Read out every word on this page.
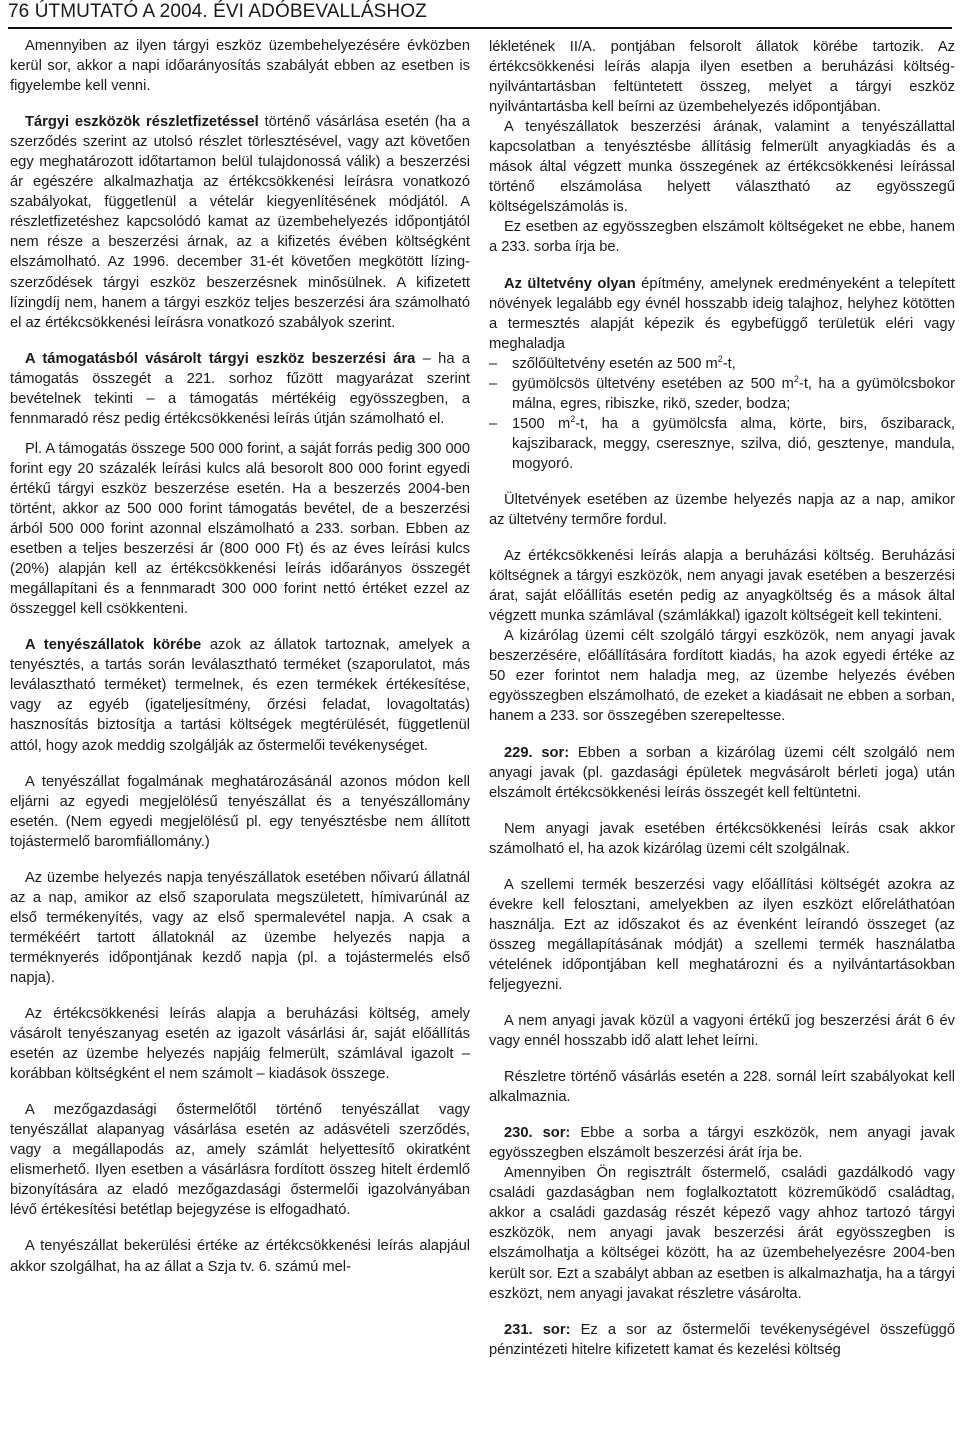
76 ÚTMUTATÓ A 2004. ÉVI ADÓBEVALLÁSHOZ

Amennyiben az ilyen tárgyi eszköz üzembehelyezésére évközben kerül sor, akkor a napi időarányosítás szabályát ebben az esetben is figyelembe kell venni.

Tárgyi eszközök részletfizetéssel történő vásárlása esetén (ha a szerződés szerint az utolsó részlet törlesztésével, vagy azt követően egy meghatározott időtartamon belül tulajdonossá válik) a beszerzési ár egészére alkalmazhatja az értékcsökkenési leírásra vonatkozó szabályokat, függetlenül a vételár kiegyenlítésének módjától. A részletfizetéshez kapcsolódó kamat az üzembehelyezés időpontjától nem része a beszerzési árnak, az a kifizetés évében költségként elszámolható. Az 1996. december 31-ét követően megkötött lízing-szerződések tárgyi eszköz beszerzésnek minősülnek. A kifizetett lízingdíj nem, hanem a tárgyi eszköz teljes beszerzési ára számolható el az értékcsökkenési leírásra vonatkozó szabályok szerint.

A támogatásból vásárolt tárgyi eszköz beszerzési ára – ha a támogatás összegét a 221. sorhoz fűzött magyarázat szerint bevételnek tekinti – a támogatás mértékéig egyösszegben, a fennmaradó rész pedig értékcsökkenési leírás útján számolható el.

Pl. A támogatás összege 500 000 forint, a saját forrás pedig 300 000 forint egy 20 százalék leírási kulcs alá besorolt 800 000 forint egyedi értékű tárgyi eszköz beszerzése esetén. Ha a beszerzés 2004-ben történt, akkor az 500 000 forint támogatás bevétel, de a beszerzési árból 500 000 forint azonnal elszámolható a 233. sorban. Ebben az esetben a teljes beszerzési ár (800 000 Ft) és az éves leírási kulcs (20%) alapján kell az értékcsökkenési leírás időarányos összegét megállapítani és a fennmaradt 300 000 forint nettó értéket ezzel az összeggel kell csökkenteni.

A tenyészállatok körébe azok az állatok tartoznak, amelyek a tenyésztés, a tartás során leválasztható terméket (szaporulatot, más leválasztható terméket) termelnek, és ezen termékek értékesítése, vagy az egyéb (igateljesítmény, őrzési feladat, lovagoltatás) hasznosítás biztosítja a tartási költségek megtérülését, függetlenül attól, hogy azok meddig szolgálják az őstermelői tevékenységet.

A tenyészállat fogalmának meghatározásánál azonos módon kell eljárni az egyedi megjelölésű tenyészállat és a tenyészállomány esetén. (Nem egyedi megjelölésű pl. egy tenyésztésbe nem állított tojástermelő baromfiállomány.)

Az üzembe helyezés napja tenyészállatok esetében nőivarú állatnál az a nap, amikor az első szaporulata megszületett, hímivarúnál az első termékenyítés, vagy az első spermalevétel napja. A csak a termékéért tartott állatoknál az üzembe helyezés napja a terméknyerés időpontjának kezdő napja (pl. a tojástermelés első napja).

Az értékcsökkenési leírás alapja a beruházási költség, amely vásárolt tenyészanyag esetén az igazolt vásárlási ár, saját előállítás esetén az üzembe helyezés napjáig felmerült, számlával igazolt – korábban költségként el nem számolt – kiadások összege.

A mezőgazdasági őstermelőtől történő tenyészállat vagy tenyészállat alapanyag vásárlása esetén az adásvételi szerződés, vagy a megállapodás az, amely számlát helyettesítő okiratként elismerhető. Ilyen esetben a vásárlásra fordított összeg hitelt érdemlő bizonyítására az eladó mezőgazdasági őstermelői igazolványában lévő értékesítési betétlap bejegyzése is elfogadható.

A tenyészállat bekerülési értéke az értékcsökkenési leírás alapjául akkor szolgálhat, ha az állat a Szja tv. 6. számú mel-

lékletének II/A. pontjában felsorolt állatok körébe tartozik. Az értékcsökkenési leírás alapja ilyen esetben a beruházási költség-nyilvántartásban feltüntetett összeg, melyet a tárgyi eszköz nyilvántartásba kell beírni az üzembehelyezés időpontjában.

A tenyészállatok beszerzési árának, valamint a tenyészállattal kapcsolatban a tenyésztésbe állításig felmerült anyagkiadás és a mások által végzett munka összegének az értékcsökkenési leírással történő elszámolása helyett választható az egyösszegű költségelszámolás is.

Ez esetben az egyösszegben elszámolt költségeket ne ebbe, hanem a 233. sorba írja be.

Az ültetvény olyan építmény, amelynek eredményeként a telepített növények legalább egy évnél hosszabb ideig talajhoz, helyhez kötötten a termesztés alapját képezik és egybefüggő területük eléri vagy meghaladja

– szőlőültetvény esetén az 500 $m^2-t$,
– gyümölcsös ültetvény esetében az 500 $m^2-t$, ha a gyümölcsbokor málna, egres, ribiszke, rikö, szeder, bodza;
– 1500 $m^2-t$, ha a gyümölcsfa alma, körte, birs, őszibarack, kajszibarack, meggy, cseresznye, szilva, dió, gesztenye, mandula, mogyoró.

Ültetvények esetében az üzembe helyezés napja az a nap, amikor az ültetvény termőre fordul.

Az értékcsökkenési leírás alapja a beruházási költség. Beruházási költségnek a tárgyi eszközök, nem anyagi javak esetében a beszerzési árat, saját előállítás esetén pedig az anyagköltség és a mások által végzett munka számlával (számlákkal) igazolt költségeit kell tekinteni.

A kizárólag üzemi célt szolgáló tárgyi eszközök, nem anyagi javak beszerzésére, előállítására fordított kiadás, ha azok egyedi értéke az 50 ezer forintot nem haladja meg, az üzembe helyezés évében egyösszegben elszámolható, de ezeket a kiadásait ne ebben a sorban, hanem a 233. sor összegében szerepeltesse.

229. sor: Ebben a sorban a kizárólag üzemi célt szolgáló nem anyagi javak (pl. gazdasági épületek megvásárolt bérleti joga) után elszámolt értékcsökkenési leírás összegét kell feltüntetni.

Nem anyagi javak esetében értékcsökkenési leírás csak akkor számolható el, ha azok kizárólag üzemi célt szolgálnak.

A szellemi termék beszerzési vagy előállítási költségét azokra az évekre kell felosztani, amelyekben az ilyen eszközt előreláthatóan használja. Ezt az időszakot és az évenként leírandó összeget (az összeg megállapításának módját) a szellemi termék használatba vételének időpontjában kell meghatározni és a nyilvántartásokban feljegyezni.

A nem anyagi javak közül a vagyoni értékű jog beszerzési árát 6 év vagy ennél hosszabb idő alatt lehet leírni.

Részletre történő vásárlás esetén a 228. sornál leírt szabályokat kell alkalmaznia.

230. sor: Ebbe a sorba a tárgyi eszközök, nem anyagi javak egyösszegben elszámolt beszerzési árát írja be.

Amennyiben Ön regisztrált őstermelő, családi gazdálkodó vagy családi gazdaságban nem foglalkoztatott közreműködő családtag, akkor a családi gazdaság részét képező vagy ahhoz tartozó tárgyi eszközök, nem anyagi javak beszerzési árát egyösszegben is elszámolhatja a költségei között, ha az üzembehelyezésre 2004-ben került sor. Ezt a szabályt abban az esetben is alkalmazhatja, ha a tárgyi eszközt, nem anyagi javakat részletre vásárolta.

231. sor: Ez a sor az őstermelői tevékenységével összefüggő pénzintézeti hitelre kifizetett kamat és kezelési költség
